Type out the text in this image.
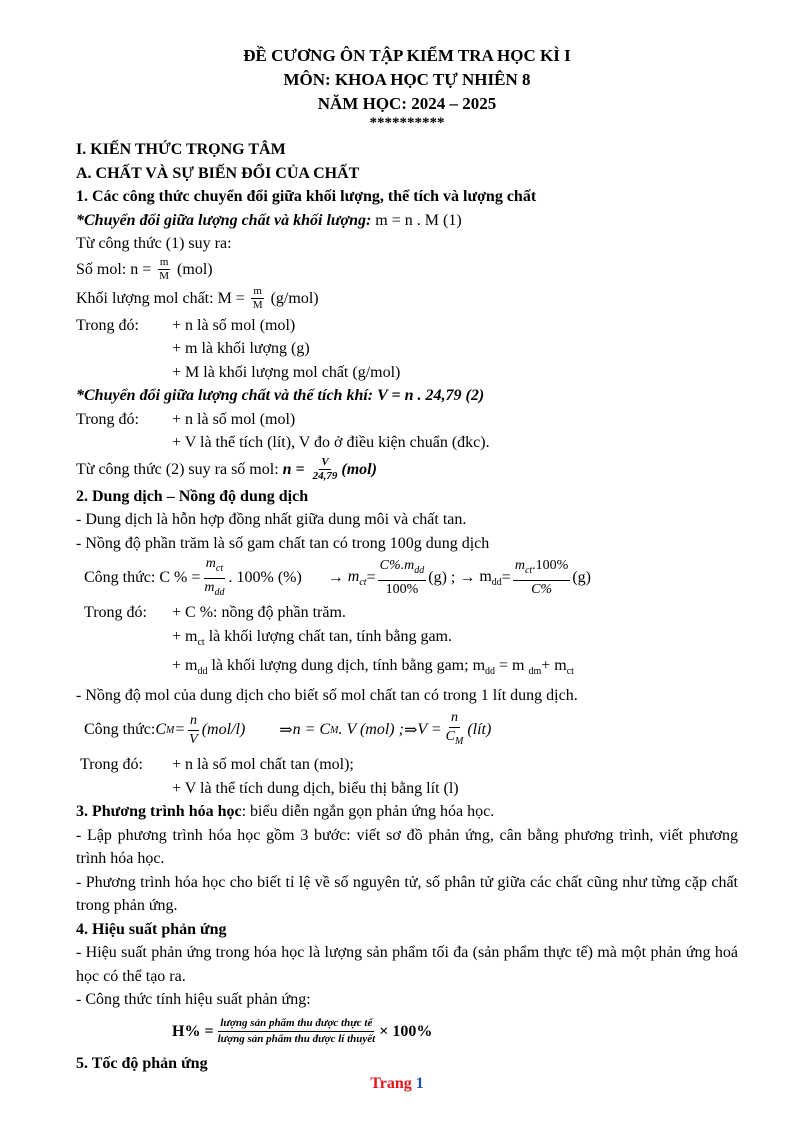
ĐỀ CƯƠNG ÔN TẬP KIỂM TRA HỌC KÌ I
MÔN: KHOA HỌC TỰ NHIÊN 8
NĂM HỌC: 2024 – 2025
**********
I. KIẾN THỨC TRỌNG TÂM
A. CHẤT VÀ SỰ BIẾN ĐỔI CỦA CHẤT
1. Các công thức chuyển đổi giữa khối lượng, thể tích và lượng chất
*Chuyển đổi giữa lượng chất và khối lượng: m = n . M (1)
Từ công thức (1) suy ra:
Số mol: $n = \frac{m}{M} (mol)$
Khối lượng mol chất: $M = \frac{m}{M} (g/mol)$
Trong đó: + n là số mol (mol)
+ m là khối lượng (g)
+ M là khối lượng mol chất (g/mol)
*Chuyển đổi giữa lượng chất và thể tích khí: V = n . 24,79 (2)
Trong đó: + n là số mol (mol)
+ V là thể tích (lít), V đo ở điều kiện chuẩn (đkc).
Từ công thức (2) suy ra số mol: $n = \frac{V}{24,79} (mol)$
2. Dung dịch – Nồng độ dung dịch
- Dung dịch là hỗn hợp đồng nhất giữa dung môi và chất tan.
- Nồng độ phần trăm là số gam chất tan có trong 100g dung dịch
Công thức: C % = $\frac{m_{ct}}{m_{dd}}$ . 100% (%) →
$m_{ct} = \frac{C\%.m_{dd}}{100\%} (g)$ ;
→
$m_{dd} = \frac{m_{ct}.100\%}{C\%} (g)$
Trong đó: + C %: nồng độ phần trăm.
+ $m_{ct}$ là khối lượng chất tan, tính bằng gam.
+ $m_{dd}$ là khối lượng dung dịch, tính bằng gam; $m_{dd} = m$ $_{dm}+ m_{ct}$
- Nồng độ mol của dung dịch cho biết số mol chất tan có trong 1 lít dung dịch.
Công thức: C $M = \frac{n}{V} (mol/l)$ ⇒ n = C M . V (mol) ; ⇒ $V = \frac{n}{C_M}$ (lít)
Trong đó: + n là số mol chất tan (mol);
+ V là thể tích dung dịch, biểu thị bằng lít (l)
3. Phương trình hóa học: biểu diễn ngắn gọn phản ứng hóa học.
- Lập phương trình hóa học gồm 3 bước: viết sơ đồ phản ứng, cân bằng phương trình, viết phương trình hóa học.
- Phương trình hóa học cho biết tỉ lệ về số nguyên tử, số phân tử giữa các chất cũng như từng cặp chất trong phản ứng.
4. Hiệu suất phản ứng
- Hiệu suất phản ứng trong hóa học là lượng sản phẩm tối đa (sản phẩm thực tế) mà một phản ứng hoá học có thể tạo ra.
- Công thức tính hiệu suất phản ứng:
$H\% = \frac{\text{lượng sản phẩm thu được thực tế}}{\text{lượng sản phẩm thu được lí thuyết}} \times 100\%$
5. Tốc độ phản ứng
Trang 1
